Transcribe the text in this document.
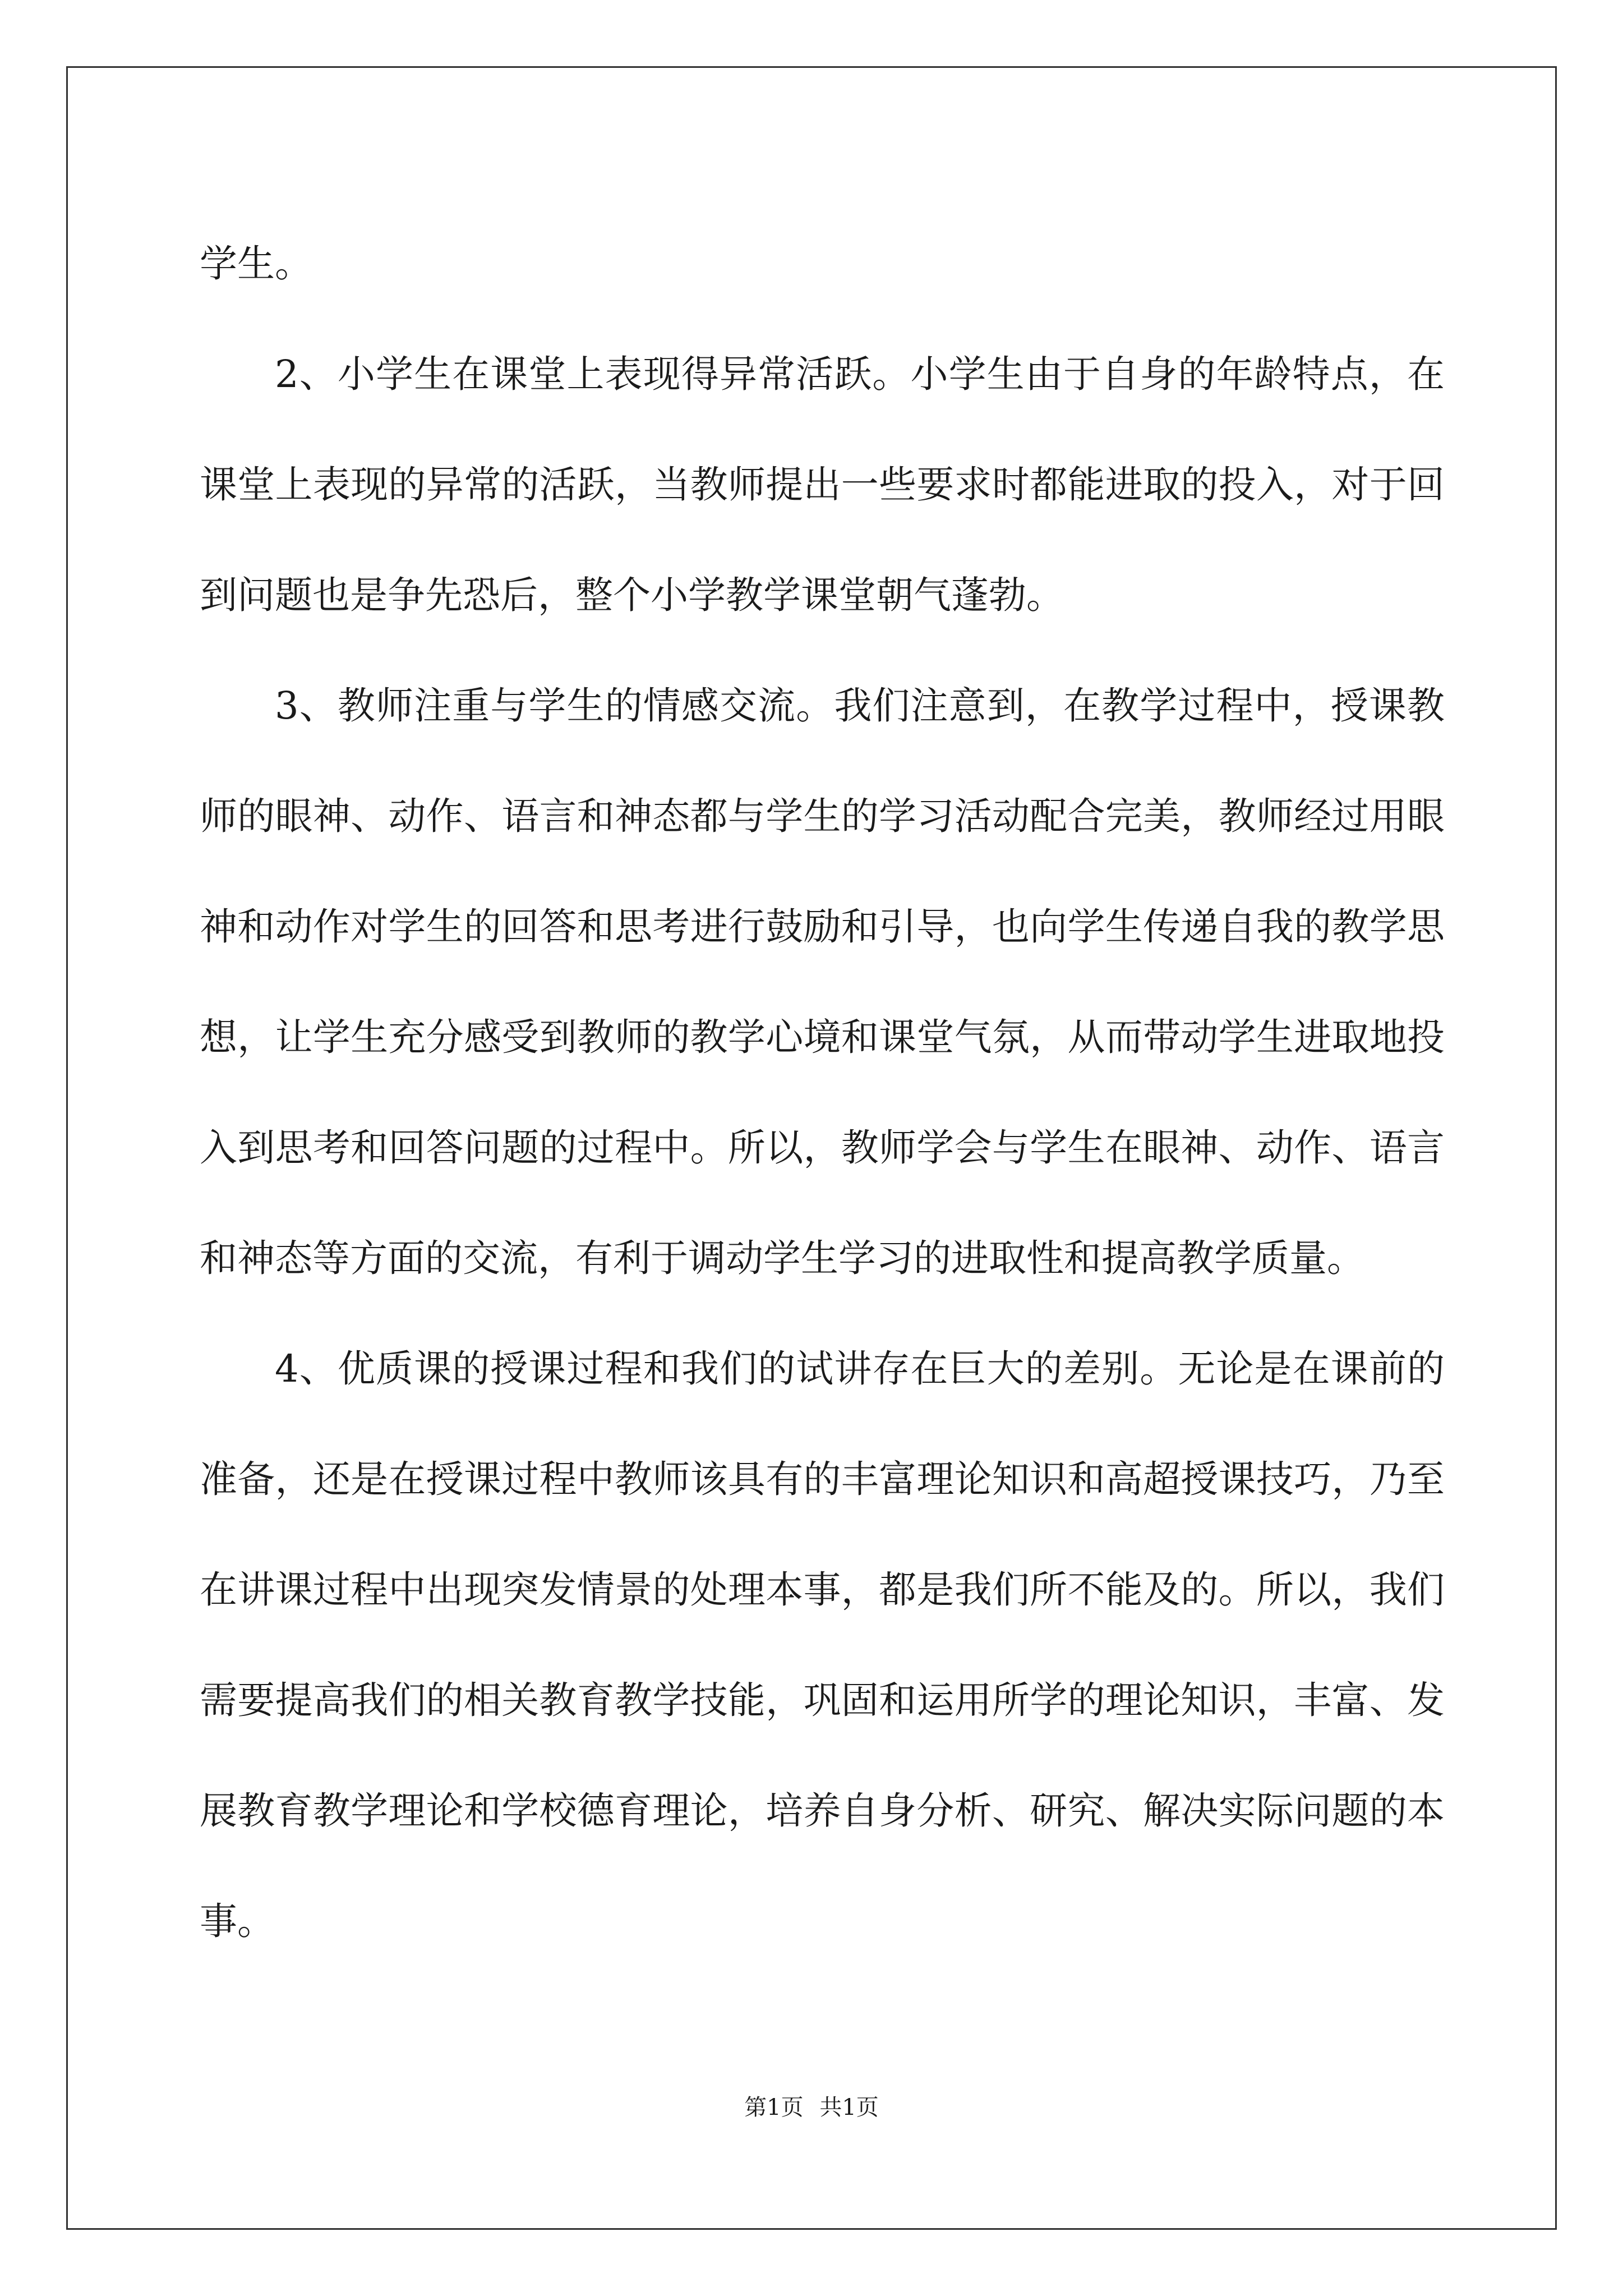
学生。

2、小学生在课堂上表现得异常活跃。小学生由于自身的年龄特点，在课堂上表现的异常的活跃，当教师提出一些要求时都能进取的投入，对于回到问题也是争先恐后，整个小学教学课堂朝气蓬勃。

3、教师注重与学生的情感交流。我们注意到，在教学过程中，授课教师的眼神、动作、语言和神态都与学生的学习活动配合完美，教师经过用眼神和动作对学生的回答和思考进行鼓励和引导，也向学生传递自我的教学思想，让学生充分感受到教师的教学心境和课堂气氛，从而带动学生进取地投入到思考和回答问题的过程中。所以，教师学会与学生在眼神、动作、语言和神态等方面的交流，有利于调动学生学习的进取性和提高教学质量。

4、优质课的授课过程和我们的试讲存在巨大的差别。无论是在课前的准备，还是在授课过程中教师该具有的丰富理论知识和高超授课技巧，乃至在讲课过程中出现突发情景的处理本事，都是我们所不能及的。所以，我们需要提高我们的相关教育教学技能，巩固和运用所学的理论知识，丰富、发展教育教学理论和学校德育理论，培养自身分析、研究、解决实际问题的本事。

第1页 共1页
